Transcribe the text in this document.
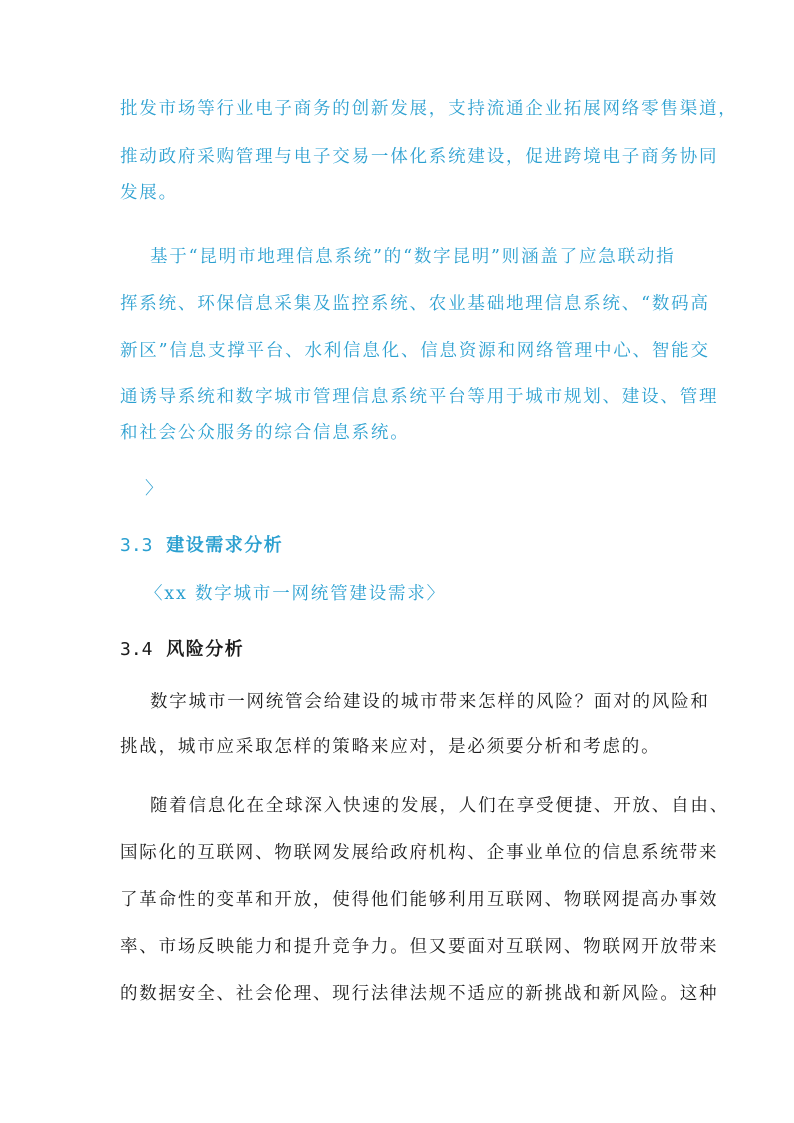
批发市场等行业电子商务的创新发展，支持流通企业拓展网络零售渠道，
推动政府采购管理与电子交易一体化系统建设，促进跨境电子商务协同
发展。
基于“昆明市地理信息系统”的“数字昆明”则涵盖了应急联动指
挥系统、环保信息采集及监控系统、农业基础地理信息系统、“数码高
新区”信息支撑平台、水利信息化、信息资源和网络管理中心、智能交
通诱导系统和数字城市管理信息系统平台等用于城市规划、建设、管理
和社会公众服务的综合信息系统。
〉
3.3 建设需求分析
〈xx 数字城市一网统管建设需求〉
3.4 风险分析
数字城市一网统管会给建设的城市带来怎样的风险？面对的风险和
挑战，城市应采取怎样的策略来应对，是必须要分析和考虑的。
随着信息化在全球深入快速的发展，人们在享受便捷、开放、自由、
国际化的互联网、物联网发展给政府机构、企事业单位的信息系统带来
了革命性的变革和开放，使得他们能够利用互联网、物联网提高办事效
率、市场反映能力和提升竞争力。但又要面对互联网、物联网开放带来
的数据安全、社会伦理、现行法律法规不适应的新挑战和新风险。这种
